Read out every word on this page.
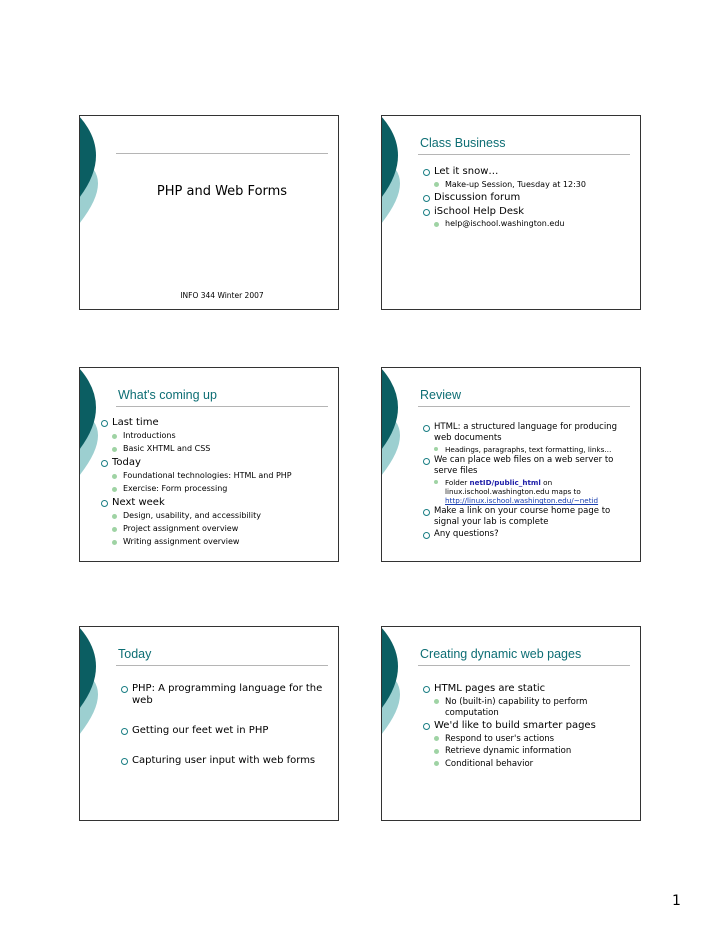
PHP and Web Forms
INFO 344 Winter 2007
Class Business
Let it snow…
Make-up Session, Tuesday at 12:30
Discussion forum
iSchool Help Desk
help@ischool.washington.edu
What's coming up
Last time
Introductions
Basic XHTML and CSS
Today
Foundational technologies: HTML and PHP
Exercise: Form processing
Next week
Design, usability, and accessibility
Project assignment overview
Writing assignment overview
Review
HTML: a structured language for producing web documents
Headings, paragraphs, text formatting, links…
We can place web files on a web server to serve files
Folder netID/public_html on linux.ischool.washington.edu maps to http://linux.ischool.washington.edu/~netid
Make a link on your course home page to signal your lab is complete
Any questions?
Today
PHP: A programming language for the web
Getting our feet wet in PHP
Capturing user input with web forms
Creating dynamic web pages
HTML pages are static
No (built-in) capability to perform computation
We'd like to build smarter pages
Respond to user's actions
Retrieve dynamic information
Conditional behavior
1
